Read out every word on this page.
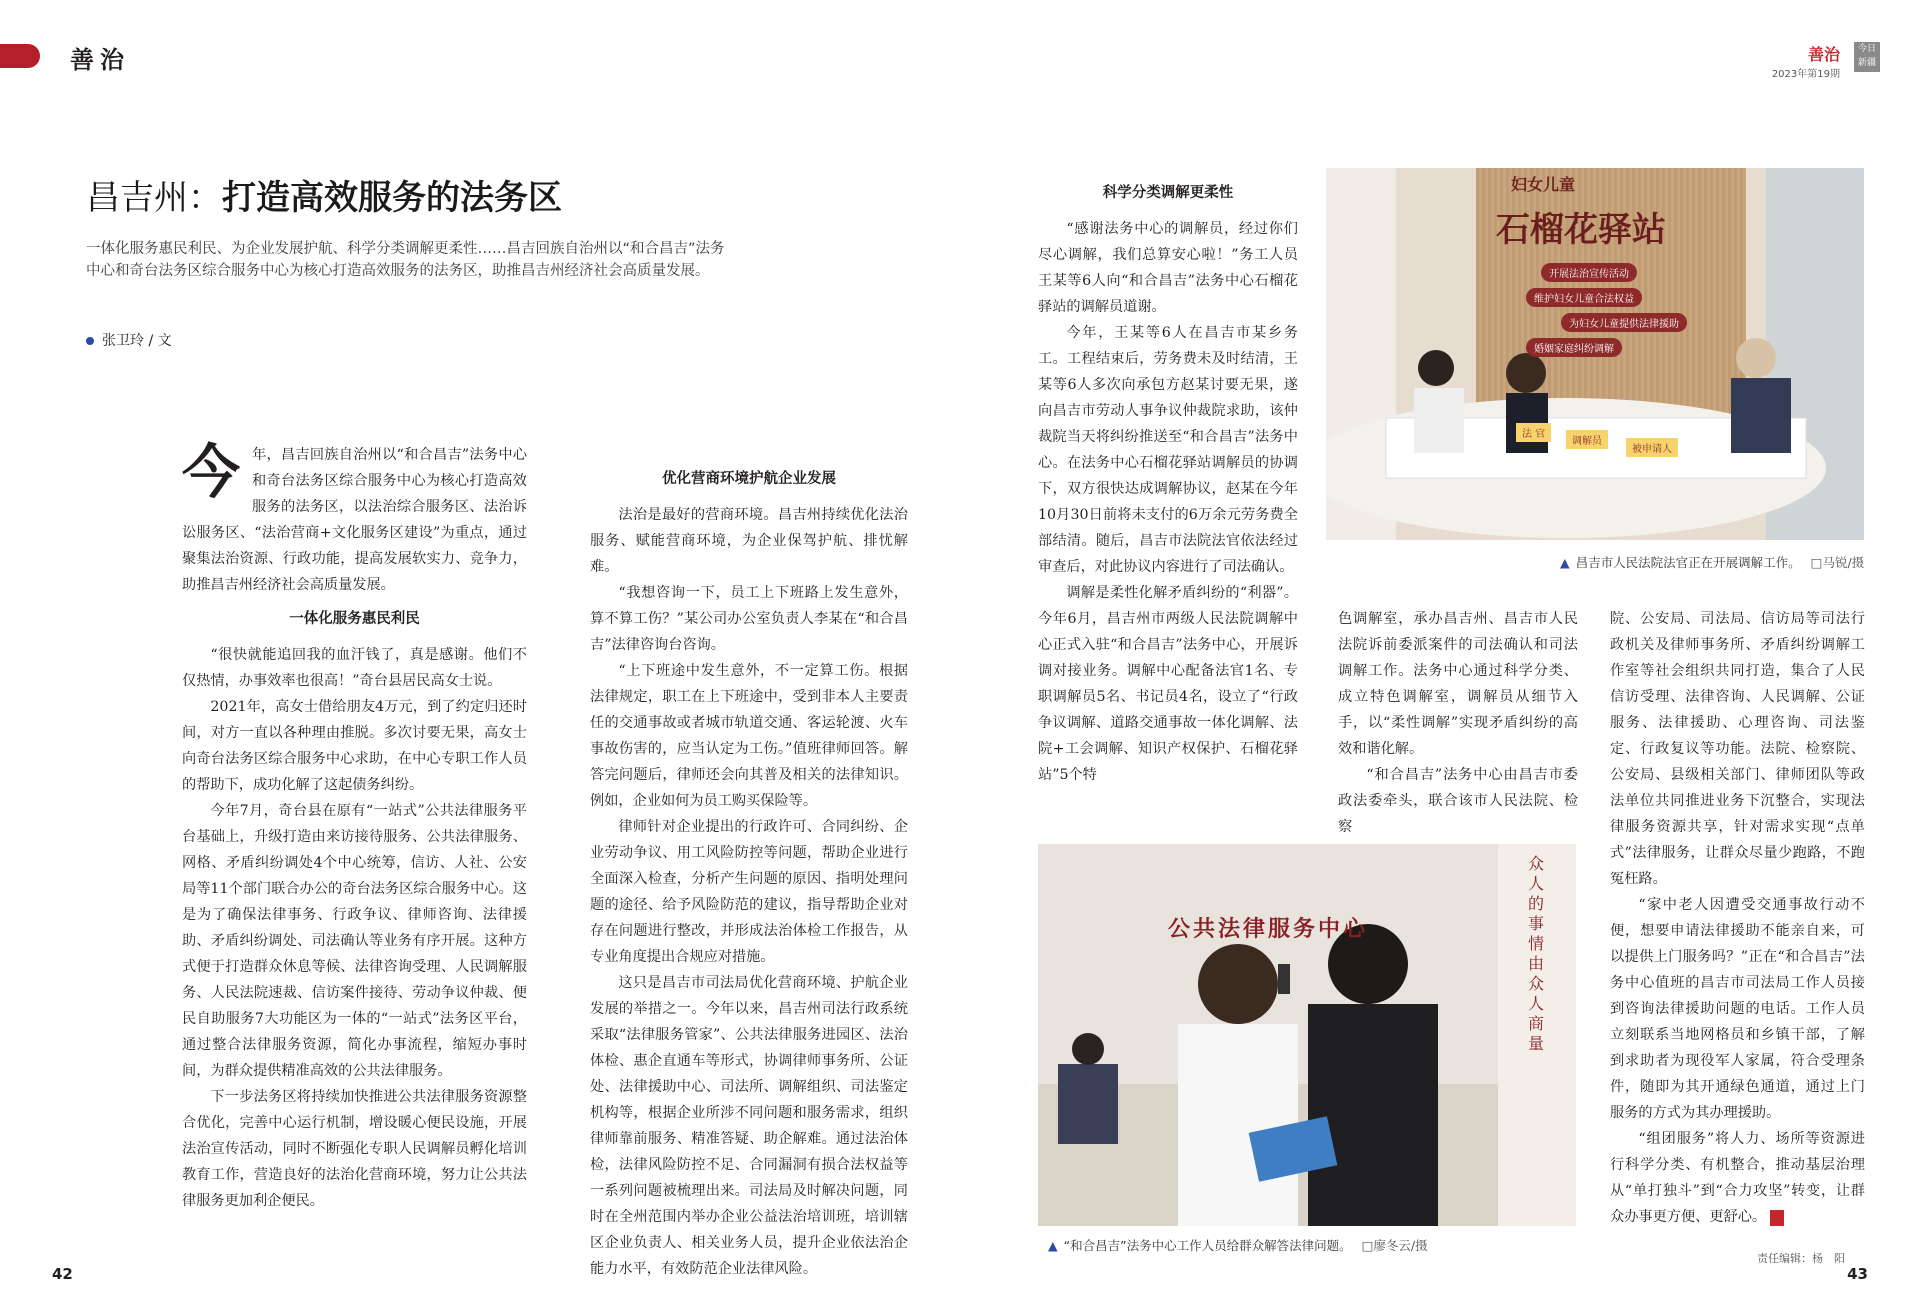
善治
昌吉州：打造高效服务的法务区
一体化服务惠民利民、为企业发展护航、科学分类调解更柔性……昌吉回族自治州以“和合昌吉”法务中心和奇台法务区综合服务中心为核心打造高效服务的法务区，助推昌吉州经济社会高质量发展。
张卫玲 / 文

今年，昌吉回族自治州以“和合昌吉”法务中心和奇台法务区综合服务中心为核心打造高效服务的法务区，以法治综合服务区、法治诉讼服务区、“法治营商+文化服务区建设”为重点，通过聚集法治资源、行政功能，提高发展软实力、竞争力，助推昌吉州经济社会高质量发展。

一体化服务惠民利民

“很快就能追回我的血汗钱了，真是感谢。他们不仅热情，办事效率也很高！”奇台县居民高女士说。

2021年，高女士借给朋友4万元，到了约定归还时间，对方一直以各种理由推脱。多次讨要无果，高女士向奇台法务区综合服务中心求助，在中心专职工作人员的帮助下，成功化解了这起债务纠纷。

今年7月，奇台县在原有“一站式”公共法律服务平台基础上，升级打造由来访接待服务、公共法律服务、网格、矛盾纠纷调处4个中心统筹，信访、人社、公安局等11个部门联合办公的奇台法务区综合服务中心。这是为了确保法律事务、行政争议、律师咨询、法律援助、矛盾纠纷调处、司法确认等业务有序开展。这种方式便于打造群众休息等候、法律咨询受理、人民调解服务、人民法院速裁、信访案件接待、劳动争议仲裁、便民自助服务7大功能区为一体的“一站式”法务区平台，通过整合法律服务资源，简化办事流程，缩短办事时间，为群众提供精准高效的公共法律服务。

下一步法务区将持续加快推进公共法律服务资源整合优化，完善中心运行机制，增设暖心便民设施，开展法治宣传活动，同时不断强化专职人民调解员孵化培训教育工作，营造良好的法治化营商环境，努力让公共法律服务更加利企便民。

优化营商环境护航企业发展

法治是最好的营商环境。昌吉州持续优化法治服务、赋能营商环境，为企业保驾护航、排忧解难。

“我想咨询一下，员工上下班路上发生意外，算不算工伤？”某公司办公室负责人李某在“和合昌吉”法律咨询台咨询。

“上下班途中发生意外，不一定算工伤。根据法律规定，职工在上下班途中，受到非本人主要责任的交通事故或者城市轨道交通、客运轮渡、火车事故伤害的，应当认定为工伤。”值班律师回答。解答完问题后，律师还会向其普及相关的法律知识。例如，企业如何为员工购买保险等。

律师针对企业提出的行政许可、合同纠纷、企业劳动争议、用工风险防控等问题，帮助企业进行全面深入检查，分析产生问题的原因、指明处理问题的途径、给予风险防范的建议，指导帮助企业对存在问题进行整改，并形成法治体检工作报告，从专业角度提出合规应对措施。

这只是昌吉市司法局优化营商环境、护航企业发展的举措之一。今年以来，昌吉州司法行政系统采取“法律服务管家”、公共法律服务进园区、法治体检、惠企直通车等形式，协调律师事务所、公证处、法律援助中心、司法所、调解组织、司法鉴定机构等，根据企业所涉不同问题和服务需求，组织律师靠前服务、精准答疑、助企解难。通过法治体检，法律风险防控不足、合同漏洞有损合法权益等一系列问题被梳理出来。司法局及时解决问题，同时在全州范围内举办企业公益法治培训班，培训辖区企业负责人、相关业务人员，提升企业依法治企能力水平，有效防范企业法律风险。

42
今日新疆
善治
2023年第19期
科学分类调解更柔性

“感谢法务中心的调解员，经过你们尽心调解，我们总算安心啦！”务工人员王某等6人向“和合昌吉”法务中心石榴花驿站的调解员道谢。

今年，王某等6人在昌吉市某乡务工。工程结束后，劳务费未及时结清，王某等6人多次向承包方赵某讨要无果，遂向昌吉市劳动人事争议仲裁院求助，该仲裁院当天将纠纷推送至“和合昌吉”法务中心。在法务中心石榴花驿站调解员的协调下，双方很快达成调解协议，赵某在今年10月30日前将未支付的6万余元劳务费全部结清。随后，昌吉市法院法官依法经过审查后，对此协议内容进行了司法确认。

调解是柔性化解矛盾纠纷的“利器”。今年6月，昌吉州市两级人民法院调解中心正式入驻“和合昌吉”法务中心，开展诉调对接业务。调解中心配备法官1名、专职调解员5名、书记员4名，设立了“行政争议调解、道路交通事故一体化调解、法院+工会调解、知识产权保护、石榴花驿站”5个特

妇女儿童
石榴花驿站
开展法治宣传活动
维护妇女儿童合法权益
为妇女儿童提供法律援助
婚姻家庭纠纷调解
法 官
调解员
被申请人
▲ 昌吉市人民法院法官正在开展调解工作。 □马锐/摄

色调解室，承办昌吉州、昌吉市人民法院诉前委派案件的司法确认和司法调解工作。法务中心通过科学分类、成立特色调解室，调解员从细节入手，以“柔性调解”实现矛盾纠纷的高效和谐化解。

“和合昌吉”法务中心由昌吉市委政法委牵头，联合该市人民法院、检察

公共法律服务中心
众人的事情由众人商量
▲ “和合昌吉”法务中心工作人员给群众解答法律问题。 □廖冬云/摄

院、公安局、司法局、信访局等司法行政机关及律师事务所、矛盾纠纷调解工作室等社会组织共同打造，集合了人民信访受理、法律咨询、人民调解、公证服务、法律援助、心理咨询、司法鉴定、行政复议等功能。法院、检察院、公安局、县级相关部门、律师团队等政法单位共同推进业务下沉整合，实现法律服务资源共享，针对需求实现“点单式”法律服务，让群众尽量少跑路，不跑冤枉路。

“家中老人因遭受交通事故行动不便，想要申请法律援助不能亲自来，可以提供上门服务吗？”正在“和合昌吉”法务中心值班的昌吉市司法局工作人员接到咨询法律援助问题的电话。工作人员立刻联系当地网格员和乡镇干部，了解到求助者为现役军人家属，符合受理条件，随即为其开通绿色通道，通过上门服务的方式为其办理援助。

“组团服务”将人力、场所等资源进行科学分类、有机整合，推动基层治理从“单打独斗”到“合力攻坚”转变，让群众办事更方便、更舒心。	J

责任编辑：杨　阳
43
